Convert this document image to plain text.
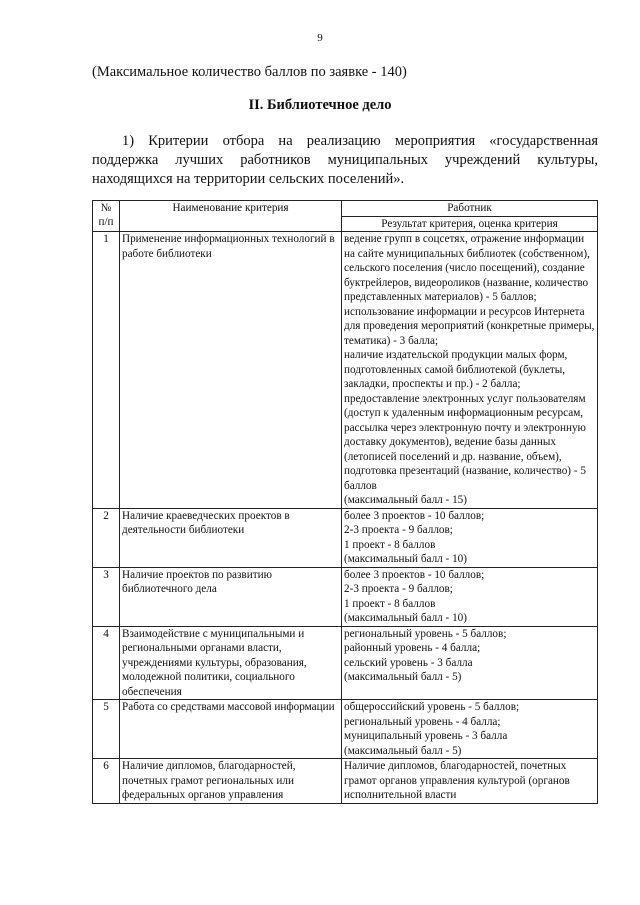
9
(Максимальное количество баллов по заявке - 140)
II. Библиотечное дело
1) Критерии отбора на реализацию мероприятия «государственная
поддержка лучших работников муниципальных учреждений культуры,
находящихся на территории сельских поселений».
№
п/п	Наименование критерия	Работник
		Результат критерия, оценка критерия
1	Применение информационных технологий в работе библиотеки	ведение групп в соцсетях, отражение информации на сайте муниципальных библиотек (собственном), сельского поселения (число посещений), создание буктрейлеров, видеороликов (название, количество представленных материалов) - 5 баллов;
использование информации и ресурсов Интернета для проведения мероприятий (конкретные примеры, тематика) - 3 балла;
наличие издательской продукции малых форм, подготовленных самой библиотекой (буклеты, закладки, проспекты и пр.) - 2 балла;
предоставление электронных услуг пользователям (доступ к удаленным информационным ресурсам, рассылка через электронную почту и электронную доставку документов), ведение базы данных (летописей поселений и др. название, объем), подготовка презентаций (название, количество) - 5 баллов
(максимальный балл - 15)

2	Наличие краеведческих проектов в деятельности библиотеки	более 3 проектов - 10 баллов;
2-3 проекта - 9 баллов;
1 проект - 8 баллов
(максимальный балл - 10)

3	Наличие проектов по развитию библиотечного дела	более 3 проектов - 10 баллов;
2-3 проекта - 9 баллов;
1 проект - 8 баллов
(максимальный балл - 10)

4	Взаимодействие с муниципальными и региональными органами власти, учреждениями культуры, образования, молодежной политики, социального обеспечения	региональный уровень - 5 баллов;
районный уровень - 4 балла;
сельский уровень - 3 балла
(максимальный балл - 5)

5	Работа со средствами массовой информации	общероссийский уровень - 5 баллов;
региональный уровень - 4 балла;
муниципальный уровень - 3 балла
(максимальный балл - 5)

6	Наличие дипломов, благодарностей, почетных грамот региональных или федеральных органов управления	Наличие дипломов, благодарностей, почетных грамот органов управления культурой (органов исполнительной власти
